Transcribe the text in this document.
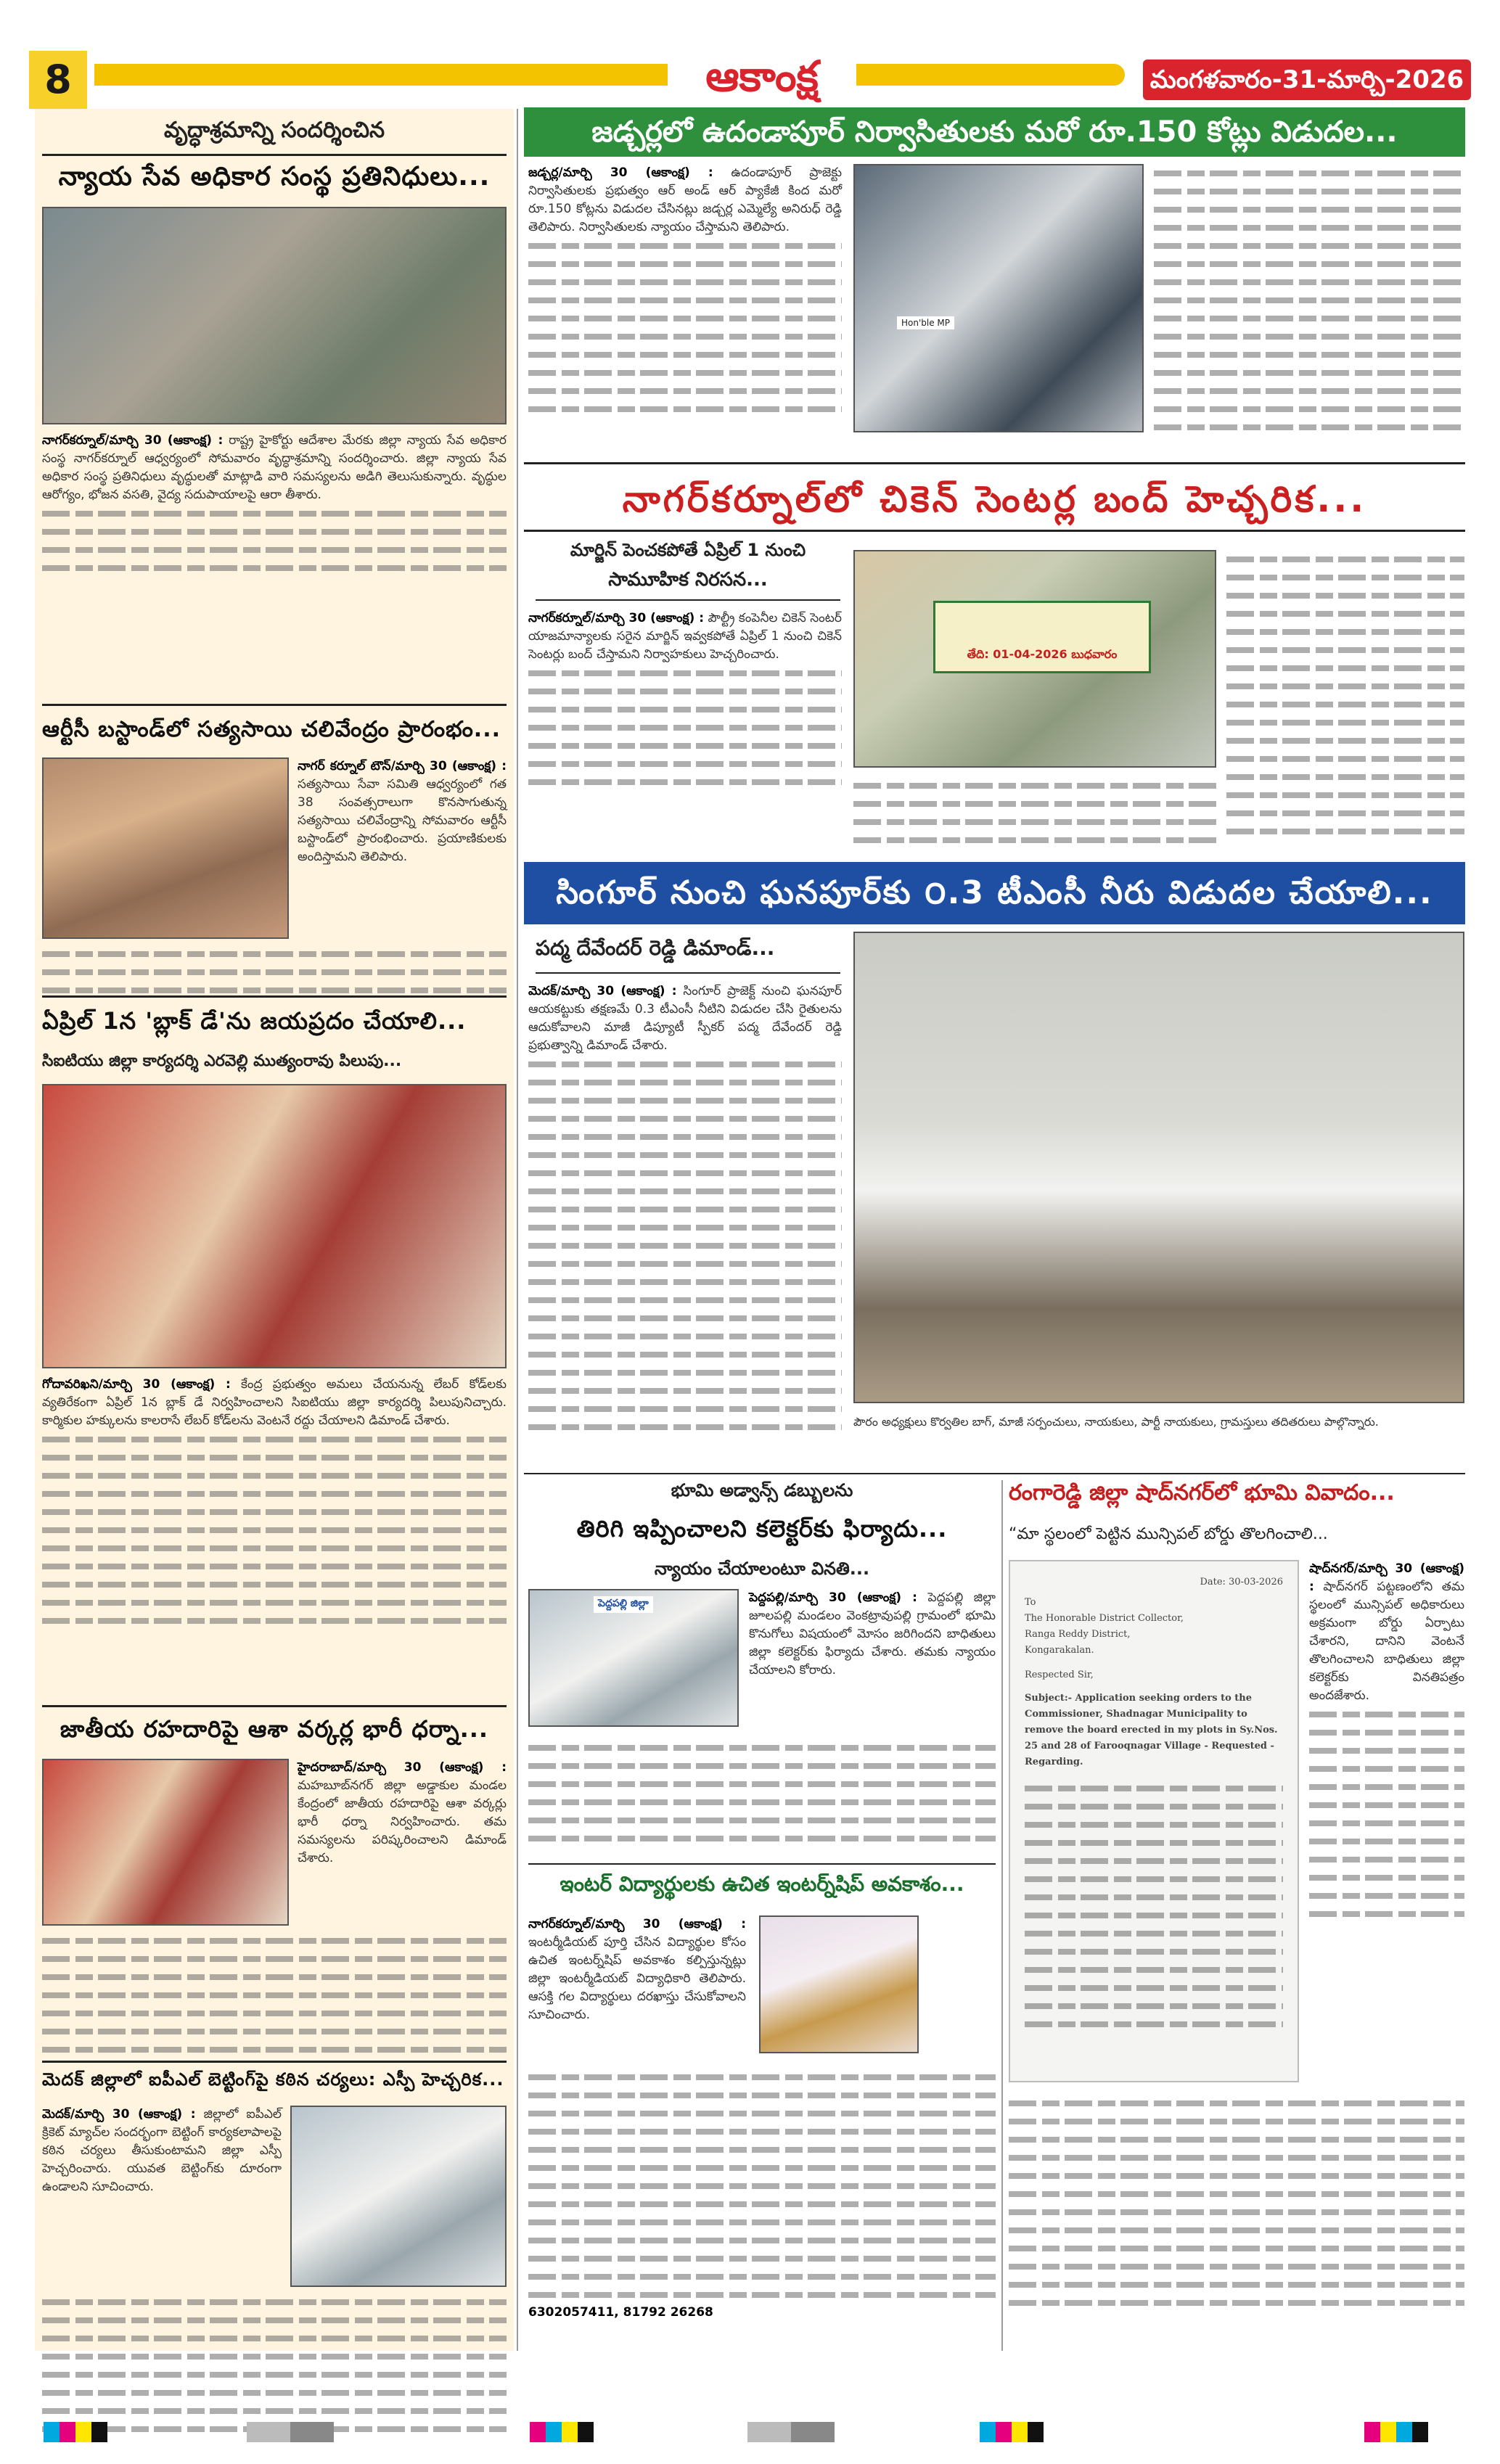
8	ఆకాంక్ష	మంగళవారం-31-మార్చి-2026
వృద్ధాశ్రమాన్ని సందర్శించిన
న్యాయ సేవ అధికార సంస్థ ప్రతినిధులు...
నాగర్‌కర్నూల్/మార్చి 30 (ఆకాంక్ష) : రాష్ట్ర హైకోర్టు ఆదేశాల మేరకు జిల్లా న్యాయ సేవ అధికార సంస్థ నాగర్‌కర్నూల్ ఆధ్వర్యంలో సోమవారం వృద్ధాశ్రమాన్ని సందర్శించారు. జిల్లా న్యాయ సేవ అధికార సంస్థ ప్రతినిధులు వృద్ధులతో మాట్లాడి వారి సమస్యలను అడిగి తెలుసుకున్నారు. వృద్ధుల ఆరోగ్యం, భోజన వసతి, వైద్య సదుపాయాలపై ఆరా తీశారు.
ఆర్టీసీ బస్టాండ్‌లో సత్యసాయి చలివేంద్రం ప్రారంభం...
నాగర్ కర్నూల్ టౌన్/మార్చి 30 (ఆకాంక్ష) : సత్యసాయి సేవా సమితి ఆధ్వర్యంలో గత 38 సంవత్సరాలుగా కొనసాగుతున్న సత్యసాయి చలివేంద్రాన్ని సోమవారం ఆర్టీసీ బస్టాండ్‌లో ప్రారంభించారు. ప్రయాణికులకు అందిస్తామని తెలిపారు.
ఏప్రిల్ 1న 'బ్లాక్ డే'ను జయప్రదం చేయాలి...
సిఐటియు జిల్లా కార్యదర్శి ఎరవెల్లి ముత్యంరావు పిలుపు...
గోదావరిఖని/మార్చి 30 (ఆకాంక్ష) : కేంద్ర ప్రభుత్వం అమలు చేయనున్న లేబర్ కోడ్‌లకు వ్యతిరేకంగా ఏప్రిల్ 1న బ్లాక్ డే నిర్వహించాలని సిఐటియు జిల్లా కార్యదర్శి పిలుపునిచ్చారు. కార్మికుల హక్కులను కాలరాసే లేబర్ కోడ్‌లను వెంటనే రద్దు చేయాలని డిమాండ్ చేశారు.
జాతీయ రహదారిపై ఆశా వర్కర్ల భారీ ధర్నా...
హైదరాబాద్/మార్చి 30 (ఆకాంక్ష) : మహబూబ్‌నగర్ జిల్లా అడ్డాకుల మండల కేంద్రంలో జాతీయ రహదారిపై ఆశా వర్కర్లు భారీ ధర్నా నిర్వహించారు. తమ సమస్యలను పరిష్కరించాలని డిమాండ్ చేశారు.
మెదక్ జిల్లాలో ఐపీఎల్ బెట్టింగ్‌పై కఠిన చర్యలు: ఎస్పీ హెచ్చరిక...
మెదక్/మార్చి 30 (ఆకాంక్ష) : జిల్లాలో ఐపీఎల్ క్రికెట్ మ్యాచ్‌ల సందర్భంగా బెట్టింగ్ కార్యకలాపాలపై కఠిన చర్యలు తీసుకుంటామని జిల్లా ఎస్పీ హెచ్చరించారు. యువత బెట్టింగ్‌కు దూరంగా ఉండాలని సూచించారు.
జడ్చర్లలో ఉదండాపూర్ నిర్వాసితులకు మరో రూ.150 కోట్లు విడుదల...
జడ్చర్ల/మార్చి 30 (ఆకాంక్ష) : ఉదండాపూర్ ప్రాజెక్టు నిర్వాసితులకు ప్రభుత్వం ఆర్ అండ్ ఆర్ ప్యాకేజీ కింద మరో రూ.150 కోట్లను విడుదల చేసినట్లు జడ్చర్ల ఎమ్మెల్యే అనిరుధ్ రెడ్డి తెలిపారు. నిర్వాసితులకు న్యాయం చేస్తామని తెలిపారు.
Hon'ble MP
నాగర్‌కర్నూల్‌లో చికెన్ సెంటర్ల బంద్ హెచ్చరిక...
మార్జిన్ పెంచకపోతే ఏప్రిల్ 1 నుంచి
సామూహిక నిరసన...
నాగర్‌కర్నూల్/మార్చి 30 (ఆకాంక్ష) : పౌల్ట్రీ కంపెనీల చికెన్ సెంటర్ యాజమాన్యాలకు సరైన మార్జిన్ ఇవ్వకపోతే ఏప్రిల్ 1 నుంచి చికెన్ సెంటర్లు బంద్ చేస్తామని నిర్వాహకులు హెచ్చరించారు.	తేది: 01-04-2026 బుధవారం
సింగూర్ నుంచి ఘనపూర్‌కు ౦.3 టీఎంసీ నీరు విడుదల చేయాలి...
పద్మ దేవేందర్ రెడ్డి డిమాండ్...
మెదక్/మార్చి 30 (ఆకాంక్ష) : సింగూర్ ప్రాజెక్ట్ నుంచి ఘనపూర్ ఆయకట్టుకు తక్షణమే 0.3 టీఎంసీ నీటిని విడుదల చేసి రైతులను ఆదుకోవాలని మాజీ డిప్యూటీ స్పీకర్ పద్మ దేవేందర్ రెడ్డి ప్రభుత్వాన్ని డిమాండ్ చేశారు.
పౌరం అధ్యక్షులు కొర్వతిల బాగ్, మాజీ సర్పంచులు, నాయకులు, పార్టీ నాయకులు, గ్రామస్తులు తదితరులు పాల్గొన్నారు.
భూమి అడ్వాన్స్ డబ్బులను
తిరిగి ఇప్పించాలని కలెక్టర్‌కు ఫిర్యాదు...
న్యాయం చేయాలంటూ వినతి...
పెద్దపల్లి జిల్లా	పెద్దపల్లి/మార్చి 30 (ఆకాంక్ష) : పెద్దపల్లి జిల్లా జూలపల్లి మండలం వెంకట్రావుపల్లి గ్రామంలో భూమి కొనుగోలు విషయంలో మోసం జరిగిందని బాధితులు జిల్లా కలెక్టర్‌కు ఫిర్యాదు చేశారు. తమకు న్యాయం చేయాలని కోరారు.
ఇంటర్ విద్యార్థులకు ఉచిత ఇంటర్న్‌షిప్ అవకాశం...
నాగర్‌కర్నూల్/మార్చి 30 (ఆకాంక్ష) : ఇంటర్మీడియట్ పూర్తి చేసిన విద్యార్థుల కోసం ఉచిత ఇంటర్న్‌షిప్ అవకాశం కల్పిస్తున్నట్లు జిల్లా ఇంటర్మీడియట్ విద్యాధికారి తెలిపారు. ఆసక్తి గల విద్యార్థులు దరఖాస్తు చేసుకోవాలని సూచించారు.
6302057411, 81792 26268
రంగారెడ్డి జిల్లా షాద్‌నగర్‌లో భూమి వివాదం...
“మా స్థలంలో పెట్టిన మున్సిపల్ బోర్డు తొలగించాలి...
Date: 30-03-2026
To
The Honorable District Collector,
Ranga Reddy District,
Kongarakalan.
Respected Sir,
Subject:- Application seeking orders to the Commissioner, Shadnagar Municipality to remove the board erected in my plots in Sy.Nos. 25 and 28 of Farooqnagar Village - Requested - Regarding.
షాద్‌నగర్/మార్చి 30 (ఆకాంక్ష) : షాద్‌నగర్ పట్టణంలోని తమ స్థలంలో మున్సిపల్ అధికారులు అక్రమంగా బోర్డు ఏర్పాటు చేశారని, దానిని వెంటనే తొలగించాలని బాధితులు జిల్లా కలెక్టర్‌కు వినతిపత్రం అందజేశారు.
